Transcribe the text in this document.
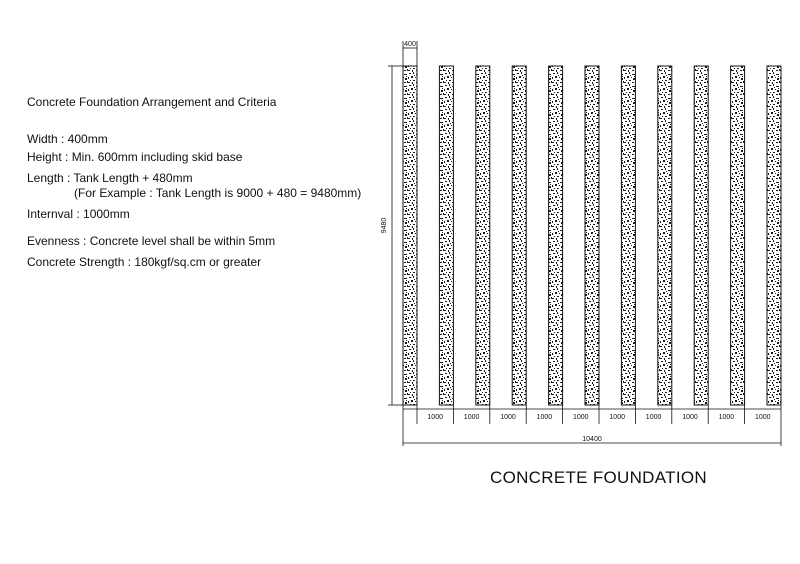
Concrete Foundation Arrangement and Criteria
Width : 400mm
Height : Min. 600mm including skid base
Length : Tank Length + 480mm
(For Example : Tank Length is 9000 + 480 = 9480mm)
Internval : 1000mm
Evenness : Concrete level shall be within 5mm
Concrete Strength : 180kgf/sq.cm or greater
400
9480
1000	1000	1000	1000	1000	1000	1000	1000	1000	1000
10400
CONCRETE FOUNDATION
